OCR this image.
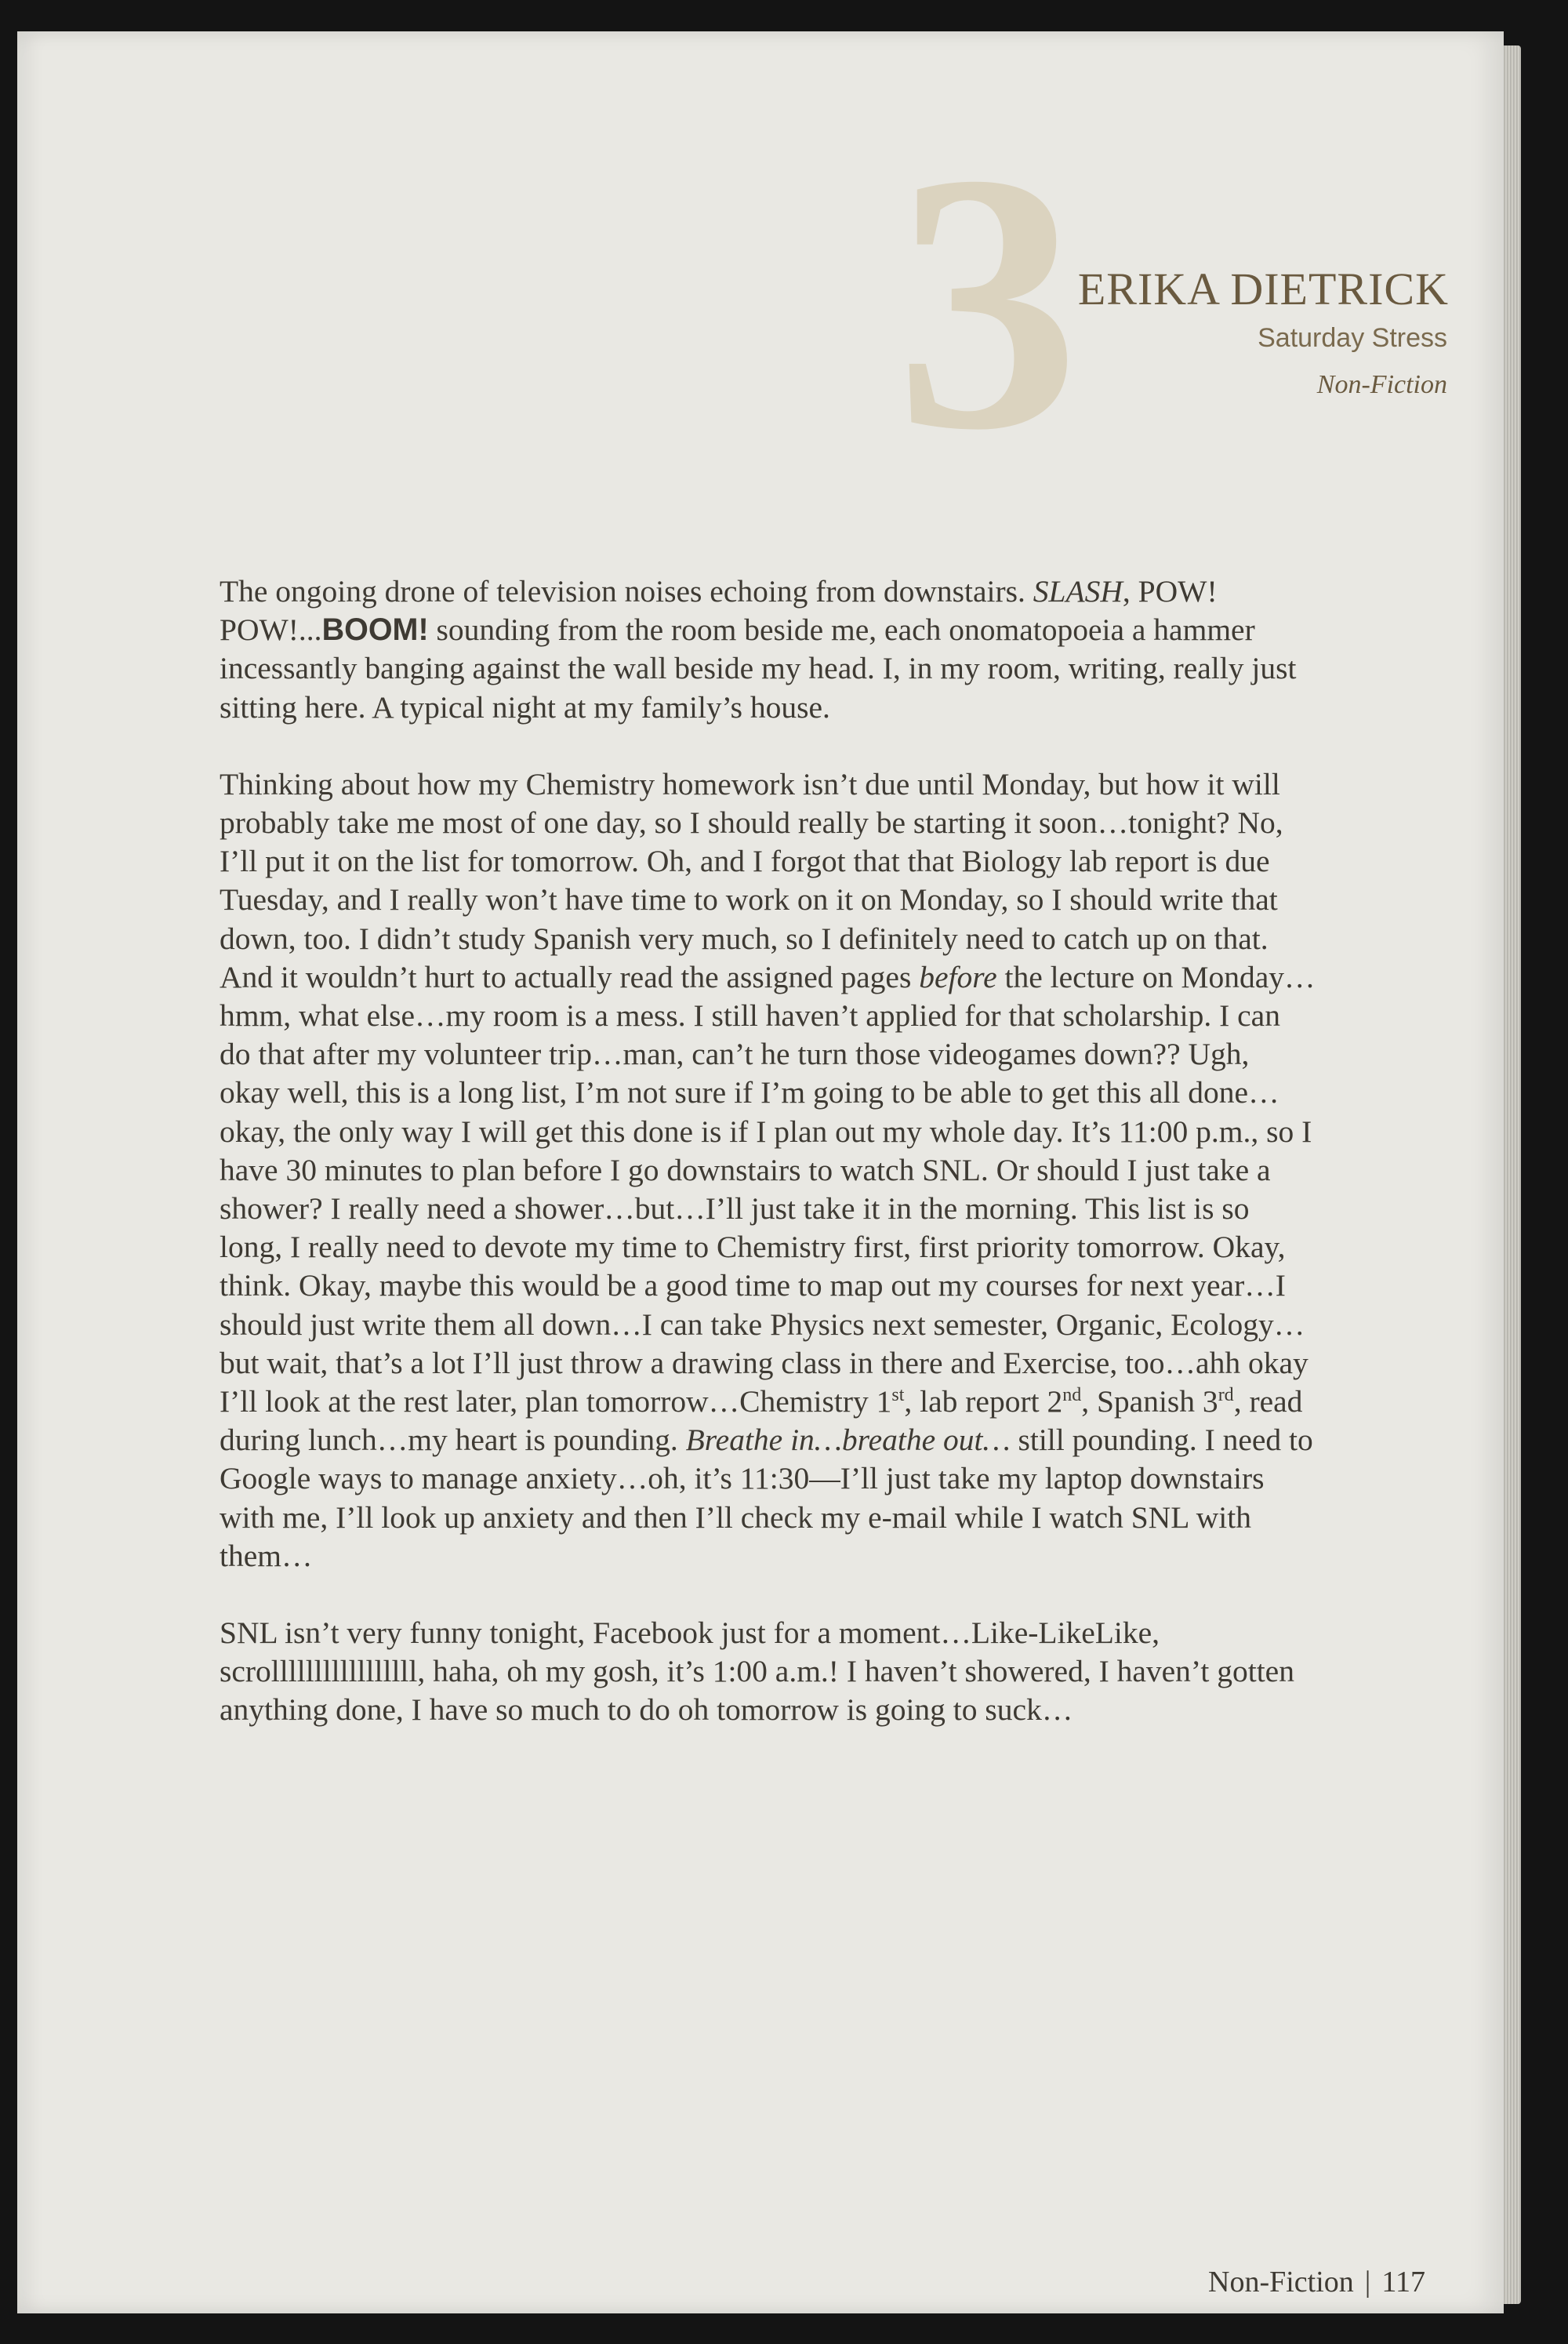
3
ERIKA DIETRICK
Saturday Stress
Non-Fiction

The ongoing drone of television noises echoing from downstairs. SLASH, POW! POW!...BOOM! sounding from the room beside me, each onomatopoeia a hammer incessantly banging against the wall beside my head. I, in my room, writing, really just sitting here. A typical night at my family’s house.

Thinking about how my Chemistry homework isn’t due until Monday, but how it will probably take me most of one day, so I should really be starting it soon…tonight? No, I’ll put it on the list for tomorrow. Oh, and I forgot that that Biology lab report is due Tuesday, and I really won’t have time to work on it on Monday, so I should write that down, too. I didn’t study Spanish very much, so I definitely need to catch up on that. And it wouldn’t hurt to actually read the assigned pages before the lecture on Monday…hmm, what else…my room is a mess. I still haven’t applied for that scholarship. I can do that after my volunteer trip…man, can’t he turn those videogames down?? Ugh, okay well, this is a long list, I’m not sure if I’m going to be able to get this all done…okay, the only way I will get this done is if I plan out my whole day. It’s 11:00 p.m., so I have 30 minutes to plan before I go downstairs to watch SNL. Or should I just take a shower? I really need a shower…but…I’ll just take it in the morning. This list is so long, I really need to devote my time to Chemistry first, first priority tomorrow. Okay, think. Okay, maybe this would be a good time to map out my courses for next year…I should just write them all down…I can take Physics next semester, Organic, Ecology…but wait, that’s a lot I’ll just throw a drawing class in there and Exercise, too…ahh okay I’ll look at the rest later, plan tomorrow…Chemistry 1st, lab report 2nd, Spanish 3rd, read during lunch…my heart is pounding. Breathe in…breathe out… still pounding. I need to Google ways to manage anxiety…oh, it’s 11:30—I’ll just take my laptop downstairs with me, I’ll look up anxiety and then I’ll check my e-mail while I watch SNL with them…

SNL isn’t very funny tonight, Facebook just for a moment…Like-LikeLike, scrolllllllllllllllll, haha, oh my gosh, it’s 1:00 a.m.! I haven’t showered, I haven’t gotten anything done, I have so much to do oh tomorrow is going to suck…

Non-Fiction | 117
